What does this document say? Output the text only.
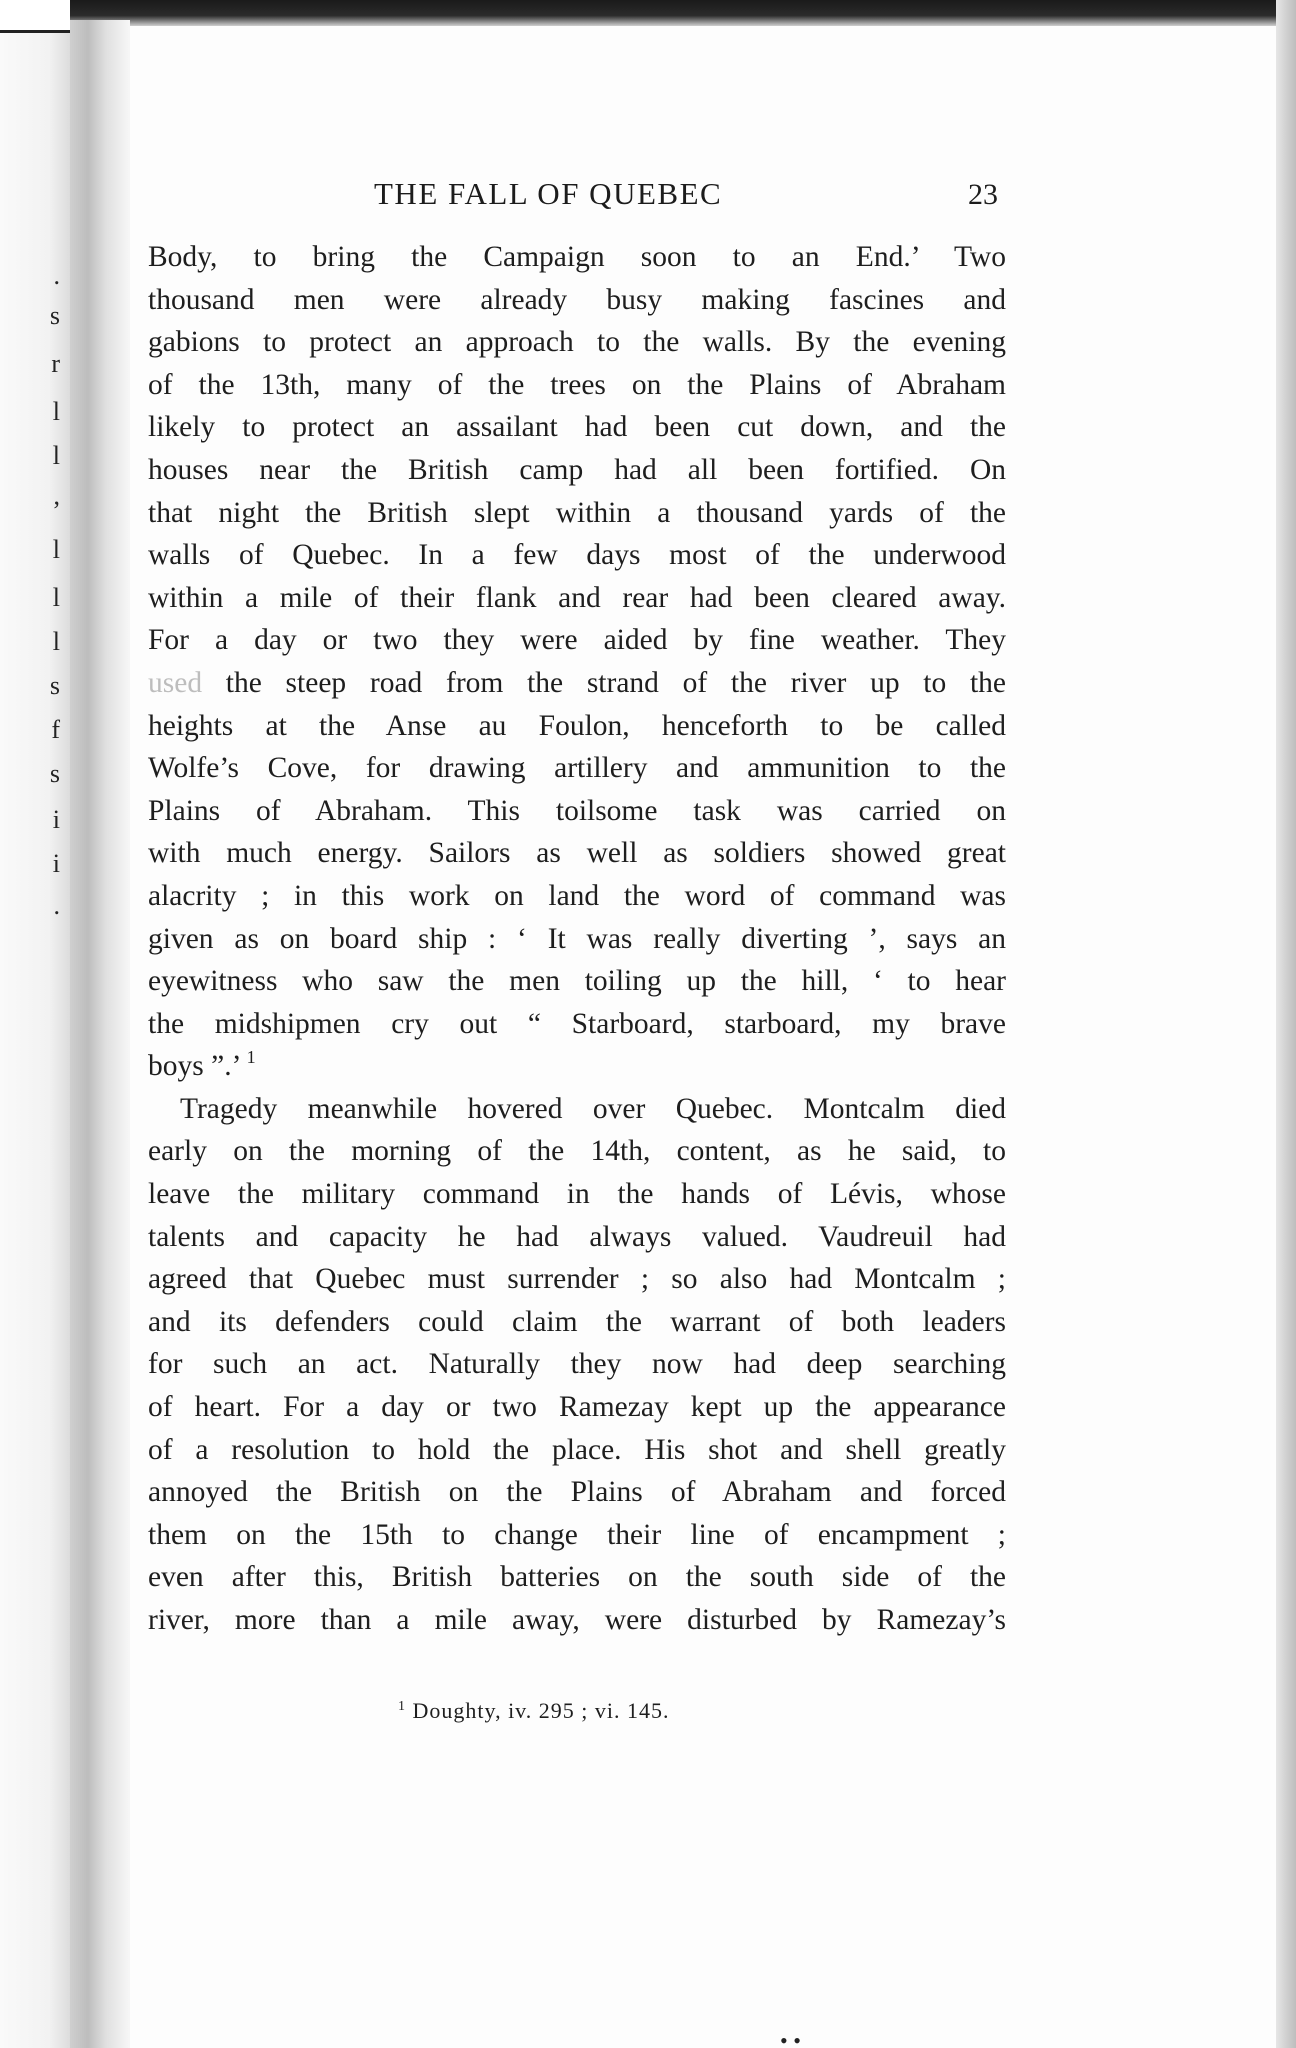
.
s
r
l
l
,
l
l
l
s
f
s
i
i
.
THE FALL OF QUEBEC	23
Body, to bring the Campaign soon to an End.’ Two
thousand men were already busy making fascines and
gabions to protect an approach to the walls. By the evening
of the 13th, many of the trees on the Plains of Abraham
likely to protect an assailant had been cut down, and the
houses near the British camp had all been fortified. On
that night the British slept within a thousand yards of the
walls of Quebec. In a few days most of the underwood
within a mile of their flank and rear had been cleared away.
For a day or two they were aided by fine weather. They
used the steep road from the strand of the river up to the
heights at the Anse au Foulon, henceforth to be called
Wolfe’s Cove, for drawing artillery and ammunition to the
Plains of Abraham. This toilsome task was carried on
with much energy. Sailors as well as soldiers showed great
alacrity ; in this work on land the word of command was
given as on board ship : ‘ It was really diverting ’, says an
eyewitness who saw the men toiling up the hill, ‘ to hear
the midshipmen cry out “ Starboard, starboard, my brave
boys ”.’ $^1$
Tragedy meanwhile hovered over Quebec. Montcalm died
early on the morning of the 14th, content, as he said, to
leave the military command in the hands of Lévis, whose
talents and capacity he had always valued. Vaudreuil had
agreed that Quebec must surrender ; so also had Montcalm ;
and its defenders could claim the warrant of both leaders
for such an act. Naturally they now had deep searching
of heart. For a day or two Ramezay kept up the appearance
of a resolution to hold the place. His shot and shell greatly
annoyed the British on the Plains of Abraham and forced
them on the 15th to change their line of encampment ;
even after this, British batteries on the south side of the
river, more than a mile away, were disturbed by Ramezay’s
$^1$ Doughty, iv. 295 ; vi. 145.
• •
